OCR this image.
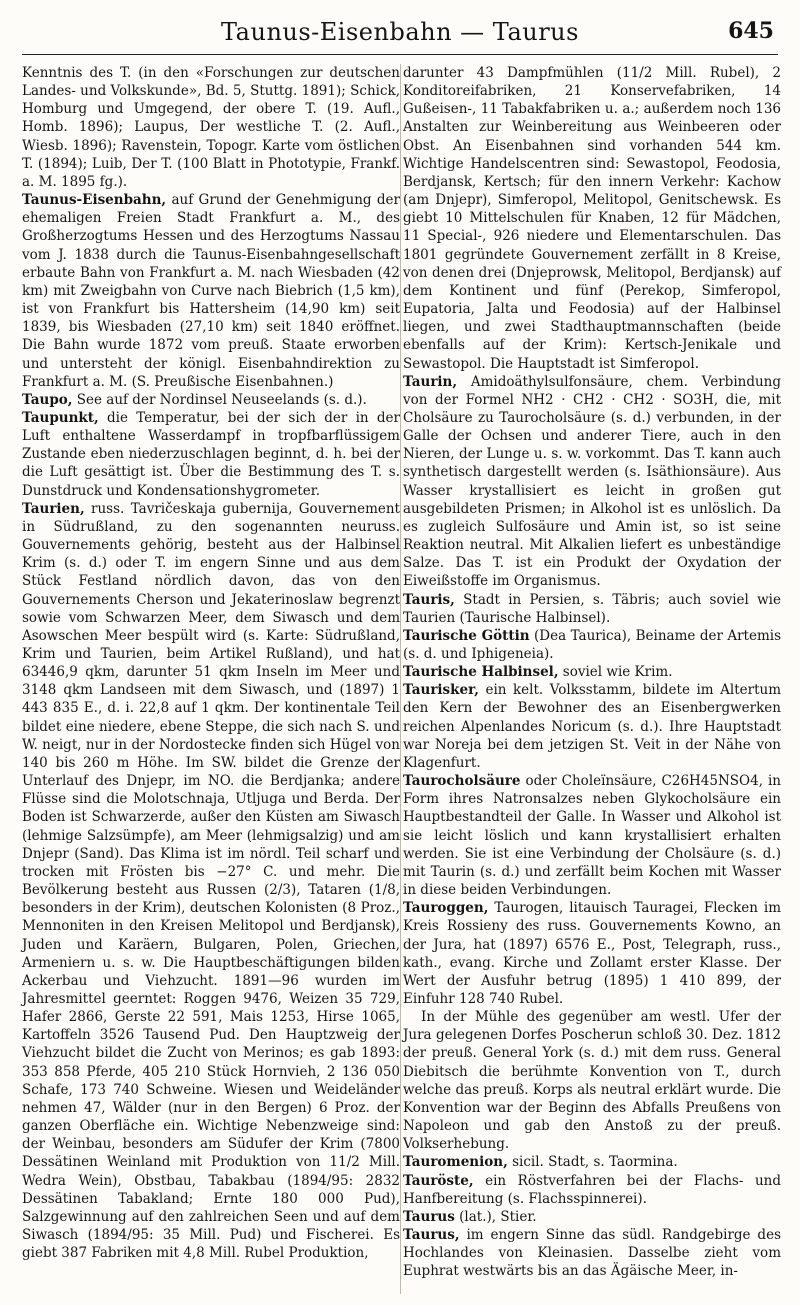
Taunus-Eisenbahn — Taurus	645

Kenntnis des T. (in den «Forschungen zur deutschen Landes- und Volkskunde», Bd. 5, Stuttg. 1891); Schick, Homburg und Umgegend, der obere T. (19. Aufl., Homb. 1896); Laupus, Der westliche T. (2. Aufl., Wiesb. 1896); Ravenstein, Topogr. Karte vom östlichen T. (1894); Luib, Der T. (100 Blatt in Phototypie, Frankf. a. M. 1895 fg.).

Taunus-Eisenbahn, auf Grund der Genehmigung der ehemaligen Freien Stadt Frankfurt a. M., des Großherzogtums Hessen und des Herzogtums Nassau vom J. 1838 durch die Taunus-Eisenbahngesellschaft erbaute Bahn von Frankfurt a. M. nach Wiesbaden (42 km) mit Zweigbahn von Curve nach Biebrich (1,5 km), ist von Frankfurt bis Hattersheim (14,90 km) seit 1839, bis Wiesbaden (27,10 km) seit 1840 eröffnet. Die Bahn wurde 1872 vom preuß. Staate erworben und untersteht der königl. Eisenbahndirektion zu Frankfurt a. M. (S. Preußische Eisenbahnen.)

Taupo, See auf der Nordinsel Neuseelands (s. d.).

Taupunkt, die Temperatur, bei der sich der in der Luft enthaltene Wasserdampf in tropfbarflüssigem Zustande eben niederzuschlagen beginnt, d. h. bei der die Luft gesättigt ist. Über die Bestimmung des T. s. Dunstdruck und Kondensationshygrometer.

Taurien, russ. Tavričeskaja gubernija, Gouvernement in Südrußland, zu den sogenannten neuruss. Gouvernements gehörig, besteht aus der Halbinsel Krim (s. d.) oder T. im engern Sinne und aus dem Stück Festland nördlich davon, das von den Gouvernements Cherson und Jekaterinoslaw begrenzt sowie vom Schwarzen Meer, dem Siwasch und dem Asowschen Meer bespült wird (s. Karte: Südrußland, Krim und Taurien, beim Artikel Rußland), und hat 63446,9 qkm, darunter 51 qkm Inseln im Meer und 3148 qkm Landseen mit dem Siwasch, und (1897) 1 443 835 E., d. i. 22,8 auf 1 qkm. Der kontinentale Teil bildet eine niedere, ebene Steppe, die sich nach S. und W. neigt, nur in der Nordostecke finden sich Hügel von 140 bis 260 m Höhe. Im SW. bildet die Grenze der Unterlauf des Dnjepr, im NO. die Berdjanka; andere Flüsse sind die Molotschnaja, Utljuga und Berda. Der Boden ist Schwarzerde, außer den Küsten am Siwasch (lehmige Salzsümpfe), am Meer (lehmigsalzig) und am Dnjepr (Sand). Das Klima ist im nördl. Teil scharf und trocken mit Frösten bis −27° C. und mehr. Die Bevölkerung besteht aus Russen (2/3), Tataren (1/8, besonders in der Krim), deutschen Kolonisten (8 Proz., Mennoniten in den Kreisen Melitopol und Berdjansk), Juden und Karäern, Bulgaren, Polen, Griechen, Armeniern u. s. w. Die Hauptbeschäftigungen bilden Ackerbau und Viehzucht. 1891—96 wurden im Jahresmittel geerntet: Roggen 9476, Weizen 35 729, Hafer 2866, Gerste 22 591, Mais 1253, Hirse 1065, Kartoffeln 3526 Tausend Pud. Den Hauptzweig der Viehzucht bildet die Zucht von Merinos; es gab 1893: 353 858 Pferde, 405 210 Stück Hornvieh, 2 136 050 Schafe, 173 740 Schweine. Wiesen und Weideländer nehmen 47, Wälder (nur in den Bergen) 6 Proz. der ganzen Oberfläche ein. Wichtige Nebenzweige sind: der Weinbau, besonders am Südufer der Krim (7800 Dessätinen Weinland mit Produktion von 11/2 Mill. Wedra Wein), Obstbau, Tabakbau (1894/95: 2832 Dessätinen Tabakland; Ernte 180 000 Pud), Salzgewinnung auf den zahlreichen Seen und auf dem Siwasch (1894/95: 35 Mill. Pud) und Fischerei. Es giebt 387 Fabriken mit 4,8 Mill. Rubel Produktion,

darunter 43 Dampfmühlen (11/2 Mill. Rubel), 2 Konditoreifabriken, 21 Konservefabriken, 14 Gußeisen-, 11 Tabakfabriken u. a.; außerdem noch 136 Anstalten zur Weinbereitung aus Weinbeeren oder Obst. An Eisenbahnen sind vorhanden 544 km. Wichtige Handelscentren sind: Sewastopol, Feodosia, Berdjansk, Kertsch; für den innern Verkehr: Kachow (am Dnjepr), Simferopol, Melitopol, Genitschewsk. Es giebt 10 Mittelschulen für Knaben, 12 für Mädchen, 11 Special-, 926 niedere und Elementarschulen. Das 1801 gegründete Gouvernement zerfällt in 8 Kreise, von denen drei (Dnjeprowsk, Melitopol, Berdjansk) auf dem Kontinent und fünf (Perekop, Simferopol, Eupatoria, Jalta und Feodosia) auf der Halbinsel liegen, und zwei Stadthauptmannschaften (beide ebenfalls auf der Krim): Kertsch-Jenikale und Sewastopol. Die Hauptstadt ist Simferopol.

Taurin, Amidoäthylsulfonsäure, chem. Verbindung von der Formel NH2 · CH2 · CH2 · SO3H, die, mit Cholsäure zu Taurocholsäure (s. d.) verbunden, in der Galle der Ochsen und anderer Tiere, auch in den Nieren, der Lunge u. s. w. vorkommt. Das T. kann auch synthetisch dargestellt werden (s. Isäthionsäure). Aus Wasser krystallisiert es leicht in großen gut ausgebildeten Prismen; in Alkohol ist es unlöslich. Da es zugleich Sulfosäure und Amin ist, so ist seine Reaktion neutral. Mit Alkalien liefert es unbeständige Salze. Das T. ist ein Produkt der Oxydation der Eiweißstoffe im Organismus.

Tauris, Stadt in Persien, s. Täbris; auch soviel wie Taurien (Taurische Halbinsel).

Taurische Göttin (Dea Taurica), Beiname der Artemis (s. d. und Iphigeneia).

Taurische Halbinsel, soviel wie Krim.

Taurisker, ein kelt. Volksstamm, bildete im Altertum den Kern der Bewohner des an Eisenbergwerken reichen Alpenlandes Noricum (s. d.). Ihre Hauptstadt war Noreja bei dem jetzigen St. Veit in der Nähe von Klagenfurt.

Taurocholsäure oder Choleïnsäure, C26H45NSO4, in Form ihres Natronsalzes neben Glykocholsäure ein Hauptbestandteil der Galle. In Wasser und Alkohol ist sie leicht löslich und kann krystallisiert erhalten werden. Sie ist eine Verbindung der Cholsäure (s. d.) mit Taurin (s. d.) und zerfällt beim Kochen mit Wasser in diese beiden Verbindungen.

Tauroggen, Taurogen, litauisch Tauragei, Flecken im Kreis Rossieny des russ. Gouvernements Kowno, an der Jura, hat (1897) 6576 E., Post, Telegraph, russ., kath., evang. Kirche und Zollamt erster Klasse. Der Wert der Ausfuhr betrug (1895) 1 410 899, der Einfuhr 128 740 Rubel.

In der Mühle des gegenüber am westl. Ufer der Jura gelegenen Dorfes Poscherun schloß 30. Dez. 1812 der preuß. General York (s. d.) mit dem russ. General Diebitsch die berühmte Konvention von T., durch welche das preuß. Korps als neutral erklärt wurde. Die Konvention war der Beginn des Abfalls Preußens von Napoleon und gab den Anstoß zu der preuß. Volkserhebung.

Tauromenion, sicil. Stadt, s. Taormina.

Tauröste, ein Röstverfahren bei der Flachs- und Hanfbereitung (s. Flachsspinnerei).

Taurus (lat.), Stier.

Taurus, im engern Sinne das südl. Randgebirge des Hochlandes von Kleinasien. Dasselbe zieht vom Euphrat westwärts bis an das Ägäische Meer, in-
